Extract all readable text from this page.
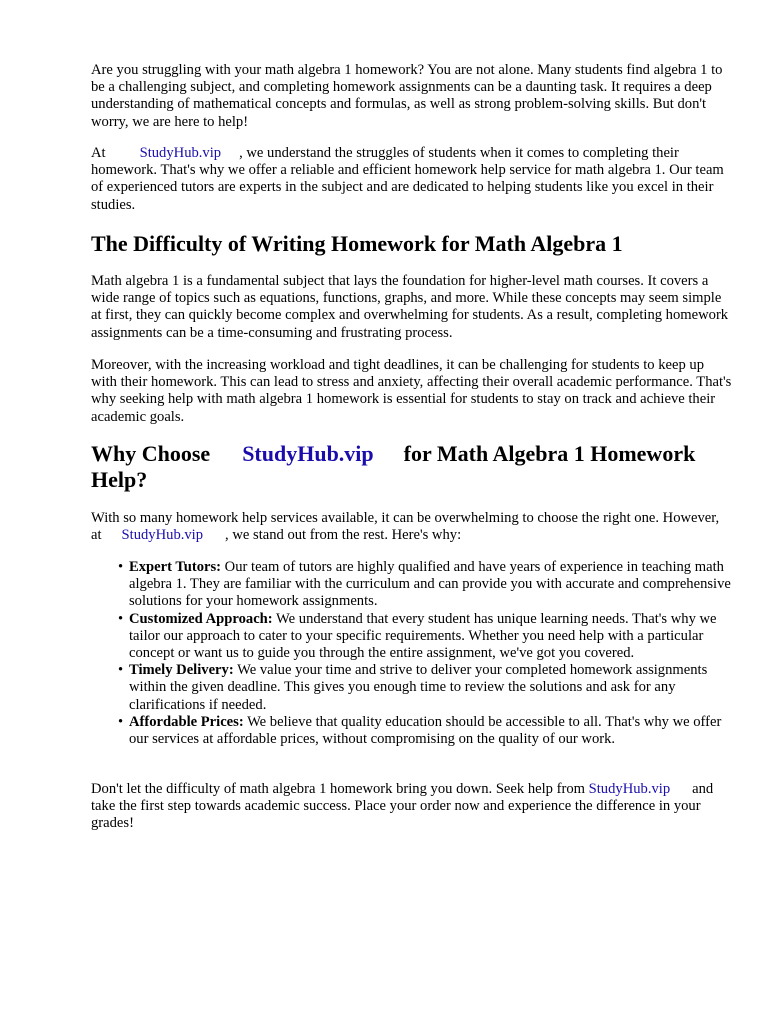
Are you struggling with your math algebra 1 homework? You are not alone. Many students find algebra 1 to be a challenging subject, and completing homework assignments can be a daunting task. It requires a deep understanding of mathematical concepts and formulas, as well as strong problem-solving skills. But don't worry, we are here to help!

At StudyHub.vip , we understand the struggles of students when it comes to completing their homework. That's why we offer a reliable and efficient homework help service for math algebra 1. Our team of experienced tutors are experts in the subject and are dedicated to helping students like you excel in their studies.

The Difficulty of Writing Homework for Math Algebra 1

Math algebra 1 is a fundamental subject that lays the foundation for higher-level math courses. It covers a wide range of topics such as equations, functions, graphs, and more. While these concepts may seem simple at first, they can quickly become complex and overwhelming for students. As a result, completing homework assignments can be a time-consuming and frustrating process.

Moreover, with the increasing workload and tight deadlines, it can be challenging for students to keep up with their homework. This can lead to stress and anxiety, affecting their overall academic performance. That's why seeking help with math algebra 1 homework is essential for students to stay on track and achieve their academic goals.

Why Choose StudyHub.vip for Math Algebra 1 Homework Help?

With so many homework help services available, it can be overwhelming to choose the right one. However, at StudyHub.vip , we stand out from the rest. Here's why:

• Expert Tutors: Our team of tutors are highly qualified and have years of experience in teaching math algebra 1. They are familiar with the curriculum and can provide you with accurate and comprehensive solutions for your homework assignments.
• Customized Approach: We understand that every student has unique learning needs. That's why we tailor our approach to cater to your specific requirements. Whether you need help with a particular concept or want us to guide you through the entire assignment, we've got you covered.
• Timely Delivery: We value your time and strive to deliver your completed homework assignments within the given deadline. This gives you enough time to review the solutions and ask for any clarifications if needed.
• Affordable Prices: We believe that quality education should be accessible to all. That's why we offer our services at affordable prices, without compromising on the quality of our work.

Don't let the difficulty of math algebra 1 homework bring you down. Seek help from StudyHub.vip and take the first step towards academic success. Place your order now and experience the difference in your grades!
